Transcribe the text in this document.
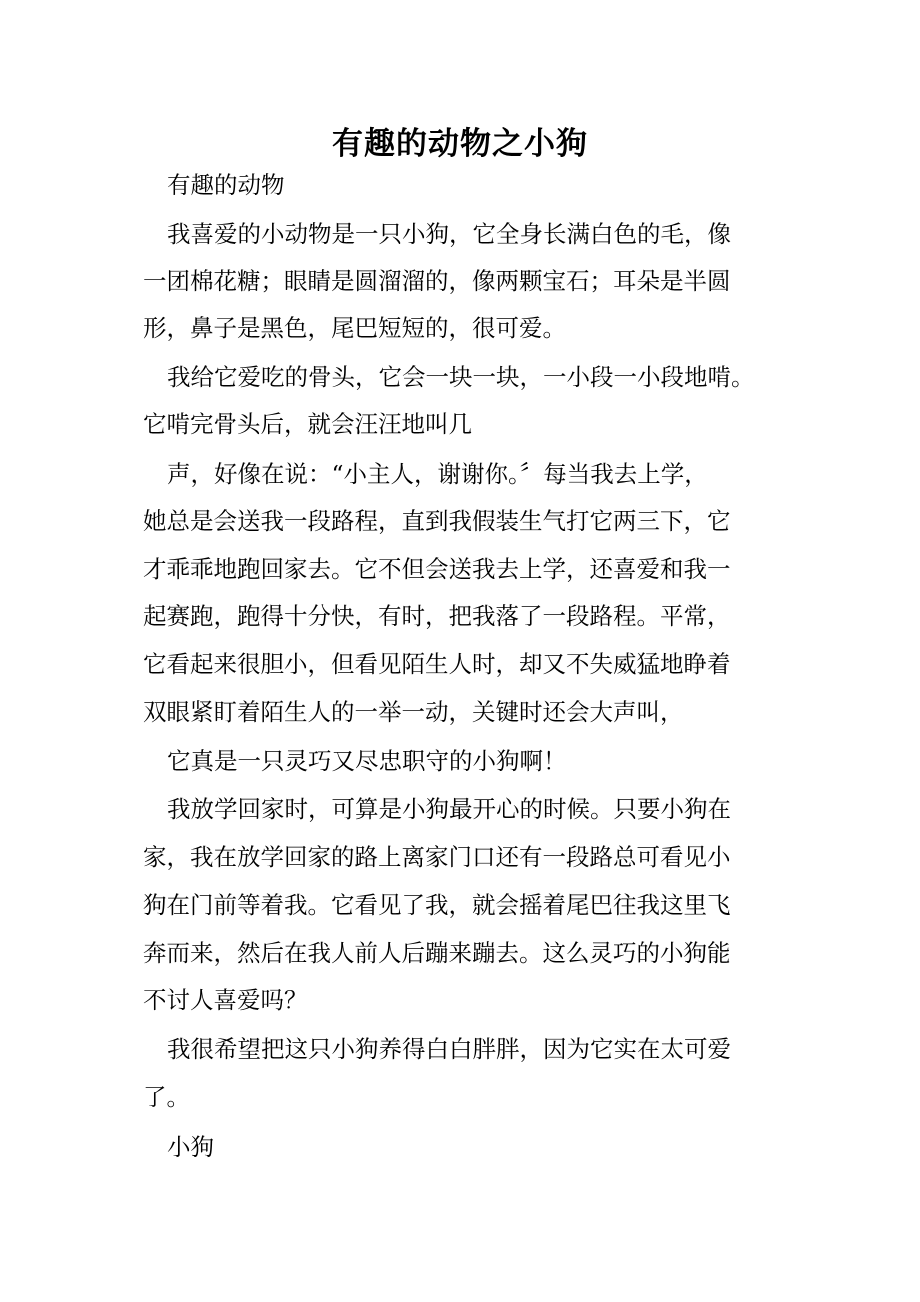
有趣的动物之小狗
有趣的动物
我喜爱的小动物是一只小狗，它全身长满白色的毛，像
一团棉花糖；眼睛是圆溜溜的，像两颗宝石；耳朵是半圆
形，鼻子是黑色，尾巴短短的，很可爱。
我给它爱吃的骨头，它会一块一块，一小段一小段地啃。
它啃完骨头后，就会汪汪地叫几
声，好像在说：“小主人，谢谢你。〞每当我去上学，
她总是会送我一段路程，直到我假装生气打它两三下，它
才乖乖地跑回家去。它不但会送我去上学，还喜爱和我一
起赛跑，跑得十分快，有时，把我落了一段路程。平常，
它看起来很胆小，但看见陌生人时，却又不失威猛地睁着
双眼紧盯着陌生人的一举一动，关键时还会大声叫，
它真是一只灵巧又尽忠职守的小狗啊！
我放学回家时，可算是小狗最开心的时候。只要小狗在
家，我在放学回家的路上离家门口还有一段路总可看见小
狗在门前等着我。它看见了我，就会摇着尾巴往我这里飞
奔而来，然后在我人前人后蹦来蹦去。这么灵巧的小狗能
不讨人喜爱吗？
我很希望把这只小狗养得白白胖胖，因为它实在太可爱
了。
小狗
